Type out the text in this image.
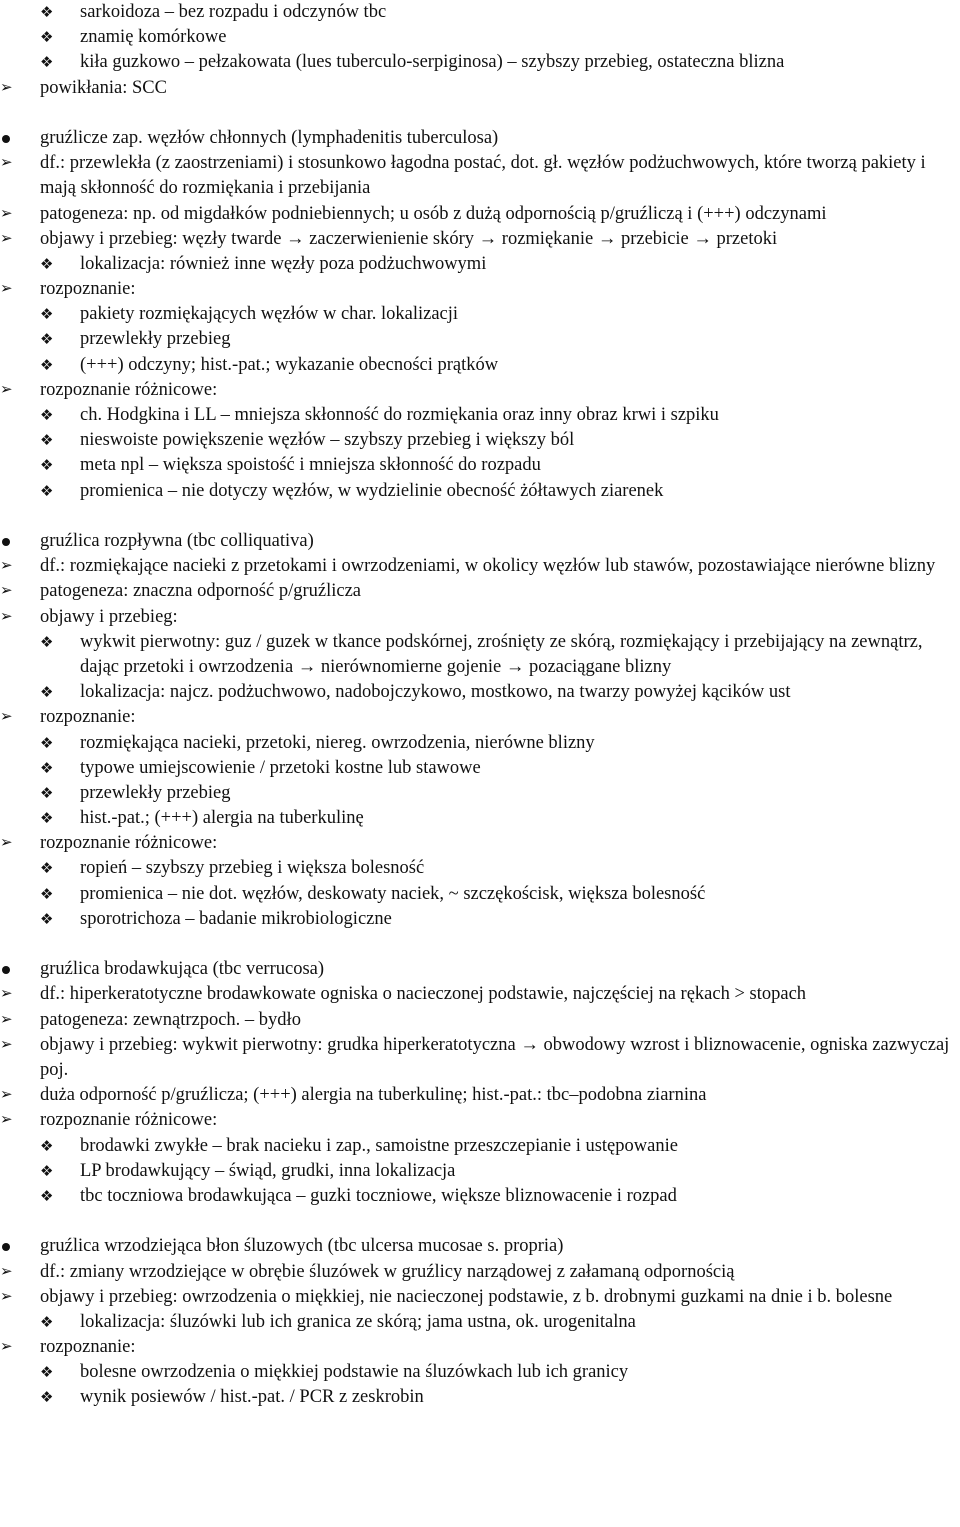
❖	sarkoidoza – bez rozpadu i odczynów tbc
❖	znamię komórkowe
❖	kiła guzkowo – pełzakowata (lues tuberculo-serpiginosa) – szybszy przebieg, ostateczna blizna
➢	powikłania: SCC
gruźlicze zap. węzłów chłonnych (lymphadenitis tuberculosa)
➢	df.: przewlekła (z zaostrzeniami) i stosunkowo łagodna postać, dot. gł. węzłów podżuchwowych, które tworzą pakiety i mają skłonność do rozmiękania i przebijania
➢	patogeneza: np. od migdałków podniebiennych; u osób z dużą odpornością p/gruźliczą i (+++) odczynami
➢	objawy i przebieg: węzły twarde → zaczerwienienie skóry → rozmiękanie → przebicie → przetoki
❖	lokalizacja: również inne węzły poza podżuchwowymi
➢	rozpoznanie:
❖	pakiety rozmiękających węzłów w char. lokalizacji
❖	przewlekły przebieg
❖	(+++) odczyny; hist.-pat.; wykazanie obecności prątków
➢	rozpoznanie różnicowe:
❖	ch. Hodgkina i LL – mniejsza skłonność do rozmiękania oraz inny obraz krwi i szpiku
❖	nieswoiste powiększenie węzłów – szybszy przebieg i większy ból
❖	meta npl – większa spoistość i mniejsza skłonność do rozpadu
❖	promienica – nie dotyczy węzłów, w wydzielinie obecność żółtawych ziarenek
gruźlica rozpływna (tbc colliquativa)
➢	df.: rozmiękające nacieki z przetokami i owrzodzeniami, w okolicy węzłów lub stawów, pozostawiające nierówne blizny
➢	patogeneza: znaczna odporność p/gruźlicza
➢	objawy i przebieg:
❖	wykwit pierwotny: guz / guzek w tkance podskórnej, zrośnięty ze skórą, rozmiękający i przebijający na zewnątrz, dając przetoki i owrzodzenia → nierównomierne gojenie → pozaciągane blizny
❖	lokalizacja: najcz. podżuchwowo, nadobojczykowo, mostkowo, na twarzy powyżej kącików ust
➢	rozpoznanie:
❖	rozmiękająca nacieki, przetoki, niereg. owrzodzenia, nierówne blizny
❖	typowe umiejscowienie / przetoki kostne lub stawowe
❖	przewlekły przebieg
❖	hist.-pat.; (+++) alergia na tuberkulinę
➢	rozpoznanie różnicowe:
❖	ropień – szybszy przebieg i większa bolesność
❖	promienica – nie dot. węzłów, deskowaty naciek, ~ szczękościsk, większa bolesność
❖	sporotrichoza – badanie mikrobiologiczne
gruźlica brodawkująca (tbc verrucosa)
➢	df.: hiperkeratotyczne brodawkowate ogniska o nacieczonej podstawie, najczęściej na rękach > stopach
➢	patogeneza: zewnątrzpoch. – bydło
➢	objawy i przebieg: wykwit pierwotny: grudka hiperkeratotyczna → obwodowy wzrost i bliznowacenie, ogniska zazwyczaj poj.
➢	duża odporność p/gruźlicza; (+++) alergia na tuberkulinę; hist.-pat.: tbc–podobna ziarnina
➢	rozpoznanie różnicowe:
❖	brodawki zwykłe – brak nacieku i zap., samoistne przeszczepianie i ustępowanie
❖	LP brodawkujący – świąd, grudki, inna lokalizacja
❖	tbc toczniowa brodawkująca – guzki toczniowe, większe bliznowacenie i rozpad
gruźlica wrzodziejąca błon śluzowych (tbc ulcersa mucosae s. propria)
➢	df.: zmiany wrzodziejące w obrębie śluzówek w gruźlicy narządowej z załamaną odpornością
➢	objawy i przebieg: owrzodzenia o miękkiej, nie nacieczonej podstawie, z b. drobnymi guzkami na dnie i b. bolesne
❖	lokalizacja: śluzówki lub ich granica ze skórą; jama ustna, ok. urogenitalna
➢	rozpoznanie:
❖	bolesne owrzodzenia o miękkiej podstawie na śluzówkach lub ich granicy
❖	wynik posiewów / hist.-pat. / PCR z zeskrobin
